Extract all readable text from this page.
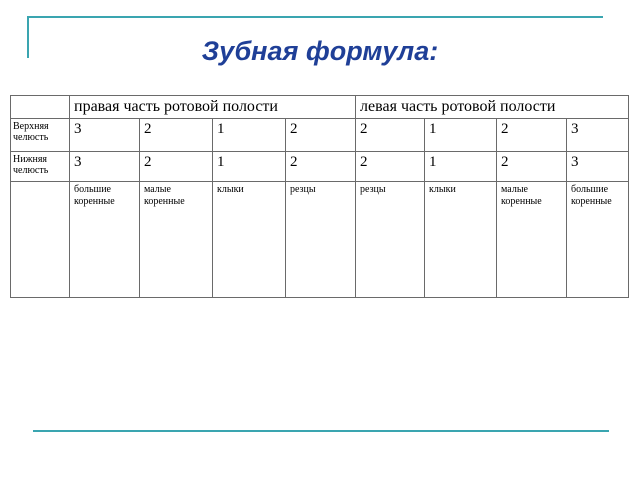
Зубная формула:
	правая часть ротовой полости				левая часть ротовой полости			
Верхняя челюсть	3	2	1	2	2	1	2	3
Нижняя челюсть	3	2	1	2	2	1	2	3
	большие коренные	малые коренные	клыки	резцы	резцы	клыки	малые коренные	большие коренные
